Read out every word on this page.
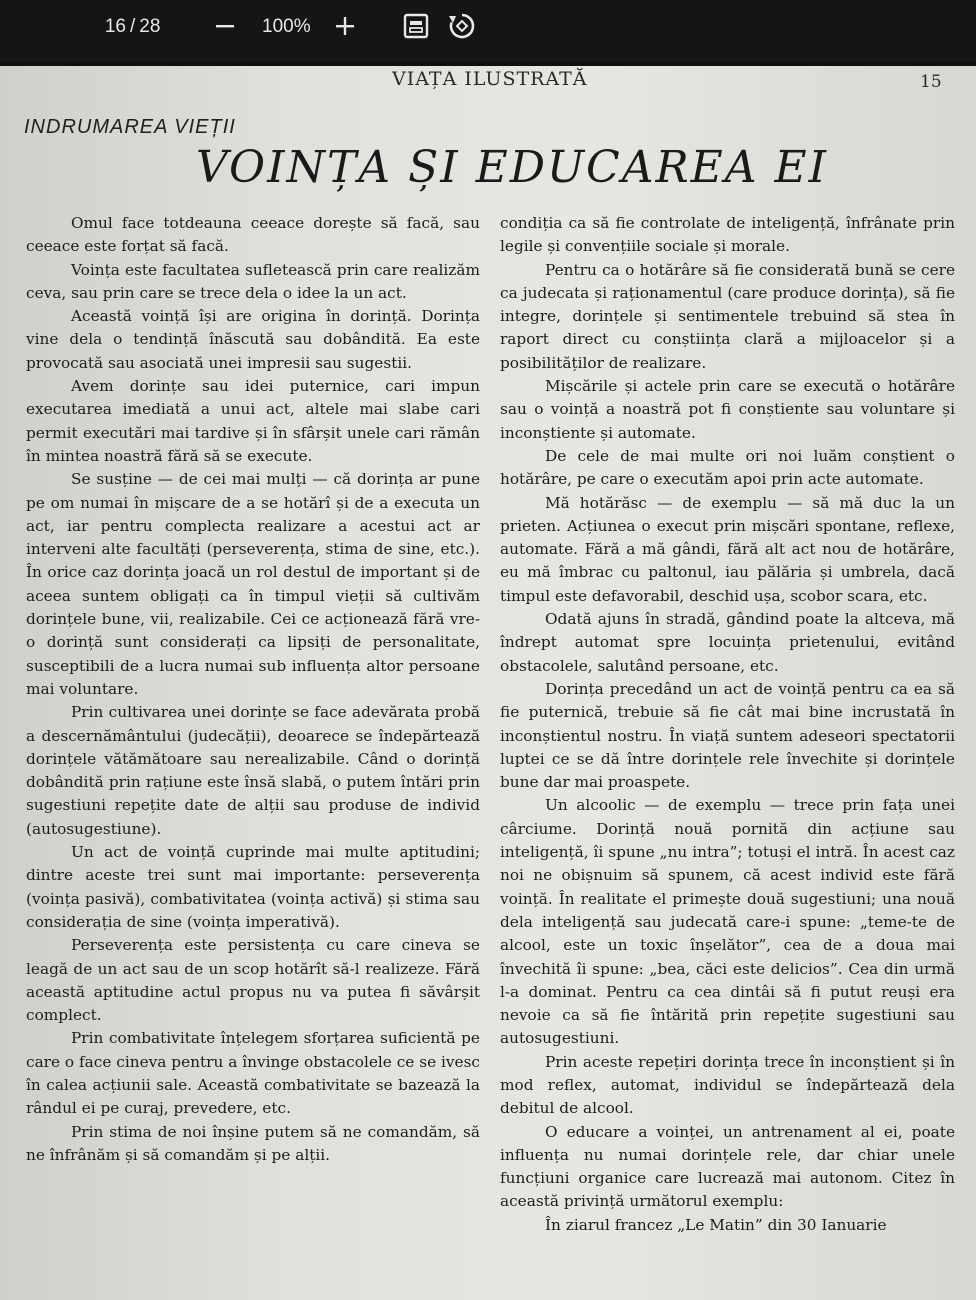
16
/ 28	100%
VIAȚA ILUSTRATĂ	15
INDRUMAREA VIEȚII
VOINȚA ȘI EDUCAREA EI

Omul face totdeauna ceeace dorește să facă, sau ceeace este forțat să facă.

Voința este facultatea sufletească prin care realizăm ceva, sau prin care se trece dela o idee la un act.

Această voință își are origina în dorință. Dorința vine dela o tendință înăscută sau dobândită. Ea este provocată sau asociată unei impresii sau sugestii.

Avem dorințe sau idei puternice, cari impun executarea imediată a unui act, altele mai slabe cari permit executări mai tardive și în sfârșit unele cari rămân în mintea noastră fără să se execute.

Se susține — de cei mai mulți — că dorința ar pune pe om numai în mișcare de a se hotărî și de a executa un act, iar pentru complecta realizare a acestui act ar interveni alte facultăți (perseverența, stima de sine, etc.). În orice caz dorința joacă un rol destul de important și de aceea suntem obligați ca în timpul vieții să cultivăm dorințele bune, vii, realizabile. Cei ce acționează fără vre-o dorință sunt considerați ca lipsiți de personalitate, susceptibili de a lucra numai sub influența altor persoane mai voluntare.

Prin cultivarea unei dorințe se face adevărata probă a descernământului (judecății), deoarece se îndepărtează dorințele vătămătoare sau nerealizabile. Când o dorință dobândită prin rațiune este însă slabă, o putem întări prin sugestiuni repețite date de alții sau produse de individ (autosugestiune).

Un act de voință cuprinde mai multe aptitudini; dintre aceste trei sunt mai importante: perseverența (voința pasivă), combativitatea (voința activă) și stima sau considerația de sine (voința imperativă).

Perseverența este persistența cu care cineva se leagă de un act sau de un scop hotărît să-l realizeze. Fără această aptitudine actul propus nu va putea fi săvârșit complect.

Prin combativitate înțelegem sforțarea suficientă pe care o face cineva pentru a învinge obstacolele ce se ivesc în calea acțiunii sale. Această combativitate se bazează la rândul ei pe curaj, prevedere, etc.

Prin stima de noi înșine putem să ne comandăm, să ne înfrânăm și să comandăm și pe alții.

condiția ca să fie controlate de inteligență, înfrânate prin legile și convențiile sociale și morale.

Pentru ca o hotărâre să fie considerată bună se cere ca judecata și raționamentul (care produce dorința), să fie integre, dorințele și sentimentele trebuind să stea în raport direct cu conștiința clară a mijloacelor și a posibilităților de realizare.

Mișcările și actele prin care se execută o hotărâre sau o voință a noastră pot fi conștiente sau voluntare și inconștiente și automate.

De cele de mai multe ori noi luăm conștient o hotărâre, pe care o executăm apoi prin acte automate.

Mă hotărăsc — de exemplu — să mă duc la un prieten. Acțiunea o execut prin mișcări spontane, reflexe, automate. Fără a mă gândi, fără alt act nou de hotărâre, eu mă îmbrac cu paltonul, iau pălăria și umbrela, dacă timpul este defavorabil, deschid ușa, scobor scara, etc.

Odată ajuns în stradă, gândind poate la altceva, mă îndrept automat spre locuința prietenului, evitând obstacolele, salutând persoane, etc.

Dorința precedând un act de voință pentru ca ea să fie puternică, trebuie să fie cât mai bine incrustată în inconștientul nostru. În viață suntem adeseori spectatorii luptei ce se dă între dorințele rele învechite și dorințele bune dar mai proaspete.

Un alcoolic — de exemplu — trece prin fața unei cârciume. Dorință nouă pornită din acțiune sau inteligență, îi spune „nu intra”; totuși el intră. În acest caz noi ne obișnuim să spunem, că acest individ este fără voință. În realitate el primește două sugestiuni; una nouă dela inteligență sau judecată care-i spune: „teme-te de alcool, este un toxic înșelător”, cea de a doua mai învechită îi spune: „bea, căci este delicios”. Cea din urmă l-a dominat. Pentru ca cea dintâi să fi putut reuși era nevoie ca să fie întărită prin repețite sugestiuni sau autosugestiuni.

Prin aceste repețiri dorința trece în inconștient și în mod reflex, automat, individul se îndepărtează dela debitul de alcool.

O educare a voinței, un antrenament al ei, poate influența nu numai dorințele rele, dar chiar unele funcțiuni organice care lucrează mai autonom. Citez în această privință următorul exemplu:

În ziarul francez „Le Matin” din 30 Ianuarie
